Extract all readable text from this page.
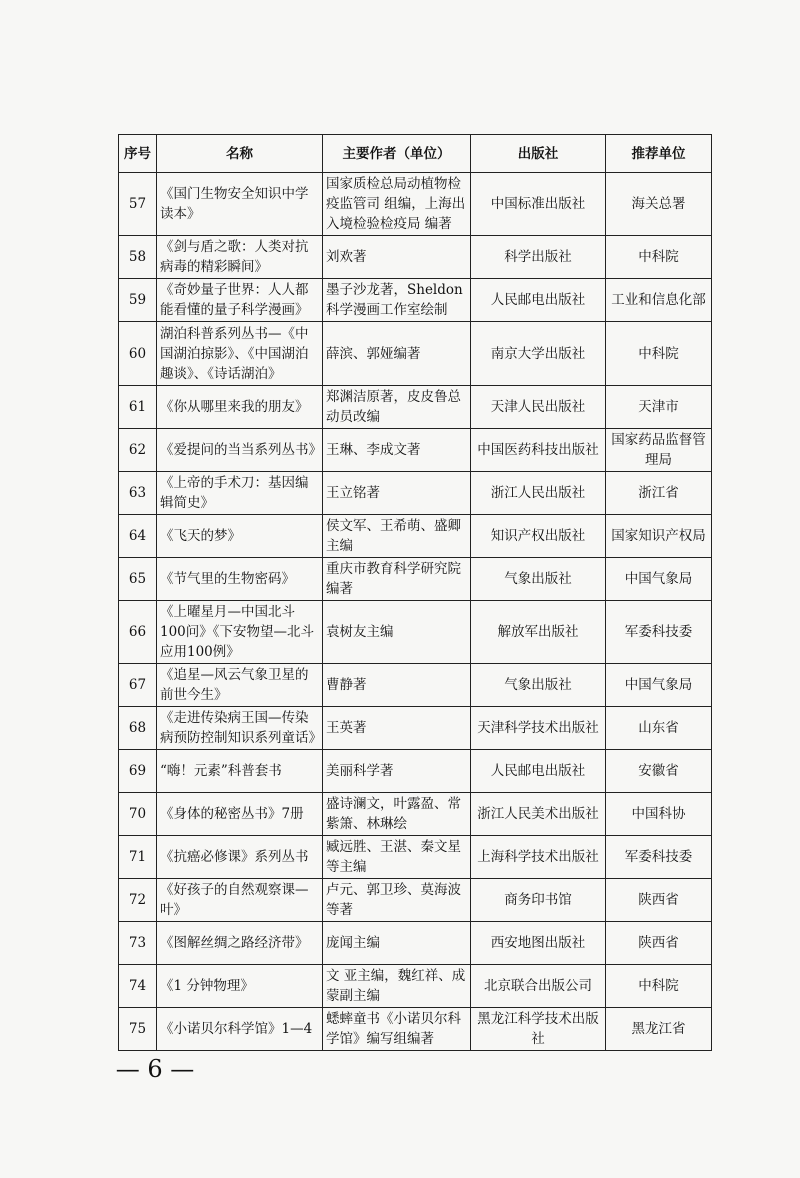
序号	名称	主要作者（单位）	出版社	推荐单位
57	《国门生物安全知识中学读本》	国家质检总局动植物检疫监管司 组编，上海出入境检验检疫局 编著	中国标准出版社	海关总署
58	《剑与盾之歌：人类对抗病毒的精彩瞬间》	刘欢著	科学出版社	中科院
59	《奇妙量子世界：人人都能看懂的量子科学漫画》	墨子沙龙著，Sheldon 科学漫画工作室绘制	人民邮电出版社	工业和信息化部
60	湖泊科普系列丛书—《中国湖泊掠影》、《中国湖泊趣谈》、《诗话湖泊》	薛滨、郭娅编著	南京大学出版社	中科院
61	《你从哪里来我的朋友》	郑渊洁原著，皮皮鲁总动员改编	天津人民出版社	天津市
62	《爱提问的当当系列丛书》	王琳、李成文著	中国医药科技出版社	国家药品监督管理局
63	《上帝的手术刀：基因编辑简史》	王立铭著	浙江人民出版社	浙江省
64	《飞天的梦》	侯文军、王希萌、盛卿主编	知识产权出版社	国家知识产权局
65	《节气里的生物密码》	重庆市教育科学研究院编著	气象出版社	中国气象局
66	《上曜星月—中国北斗100问》《下安物望—北斗应用100例》	袁树友主编	解放军出版社	军委科技委
67	《追星—风云气象卫星的前世今生》	曹静著	气象出版社	中国气象局
68	《走进传染病王国—传染病预防控制知识系列童话》	王英著	天津科学技术出版社	山东省
69	“嗨！元素”科普套书	美丽科学著	人民邮电出版社	安徽省
70	《身体的秘密丛书》7册	盛诗澜文，叶露盈、常紫箫、林琳绘	浙江人民美术出版社	中国科协
71	《抗癌必修课》系列丛书	臧远胜、王湛、秦文星等主编	上海科学技术出版社	军委科技委
72	《好孩子的自然观察课—叶》	卢元、郭卫珍、莫海波等著	商务印书馆	陕西省
73	《图解丝绸之路经济带》	庞闻主编	西安地图出版社	陕西省
74	《1 分钟物理》	文 亚主编，魏红祥、成蒙副主编	北京联合出版公司	中科院
75	《小诺贝尔科学馆》1—4	蟋蟀童书《小诺贝尔科学馆》编写组编著	黑龙江科学技术出版社	黑龙江省
— 6 —
